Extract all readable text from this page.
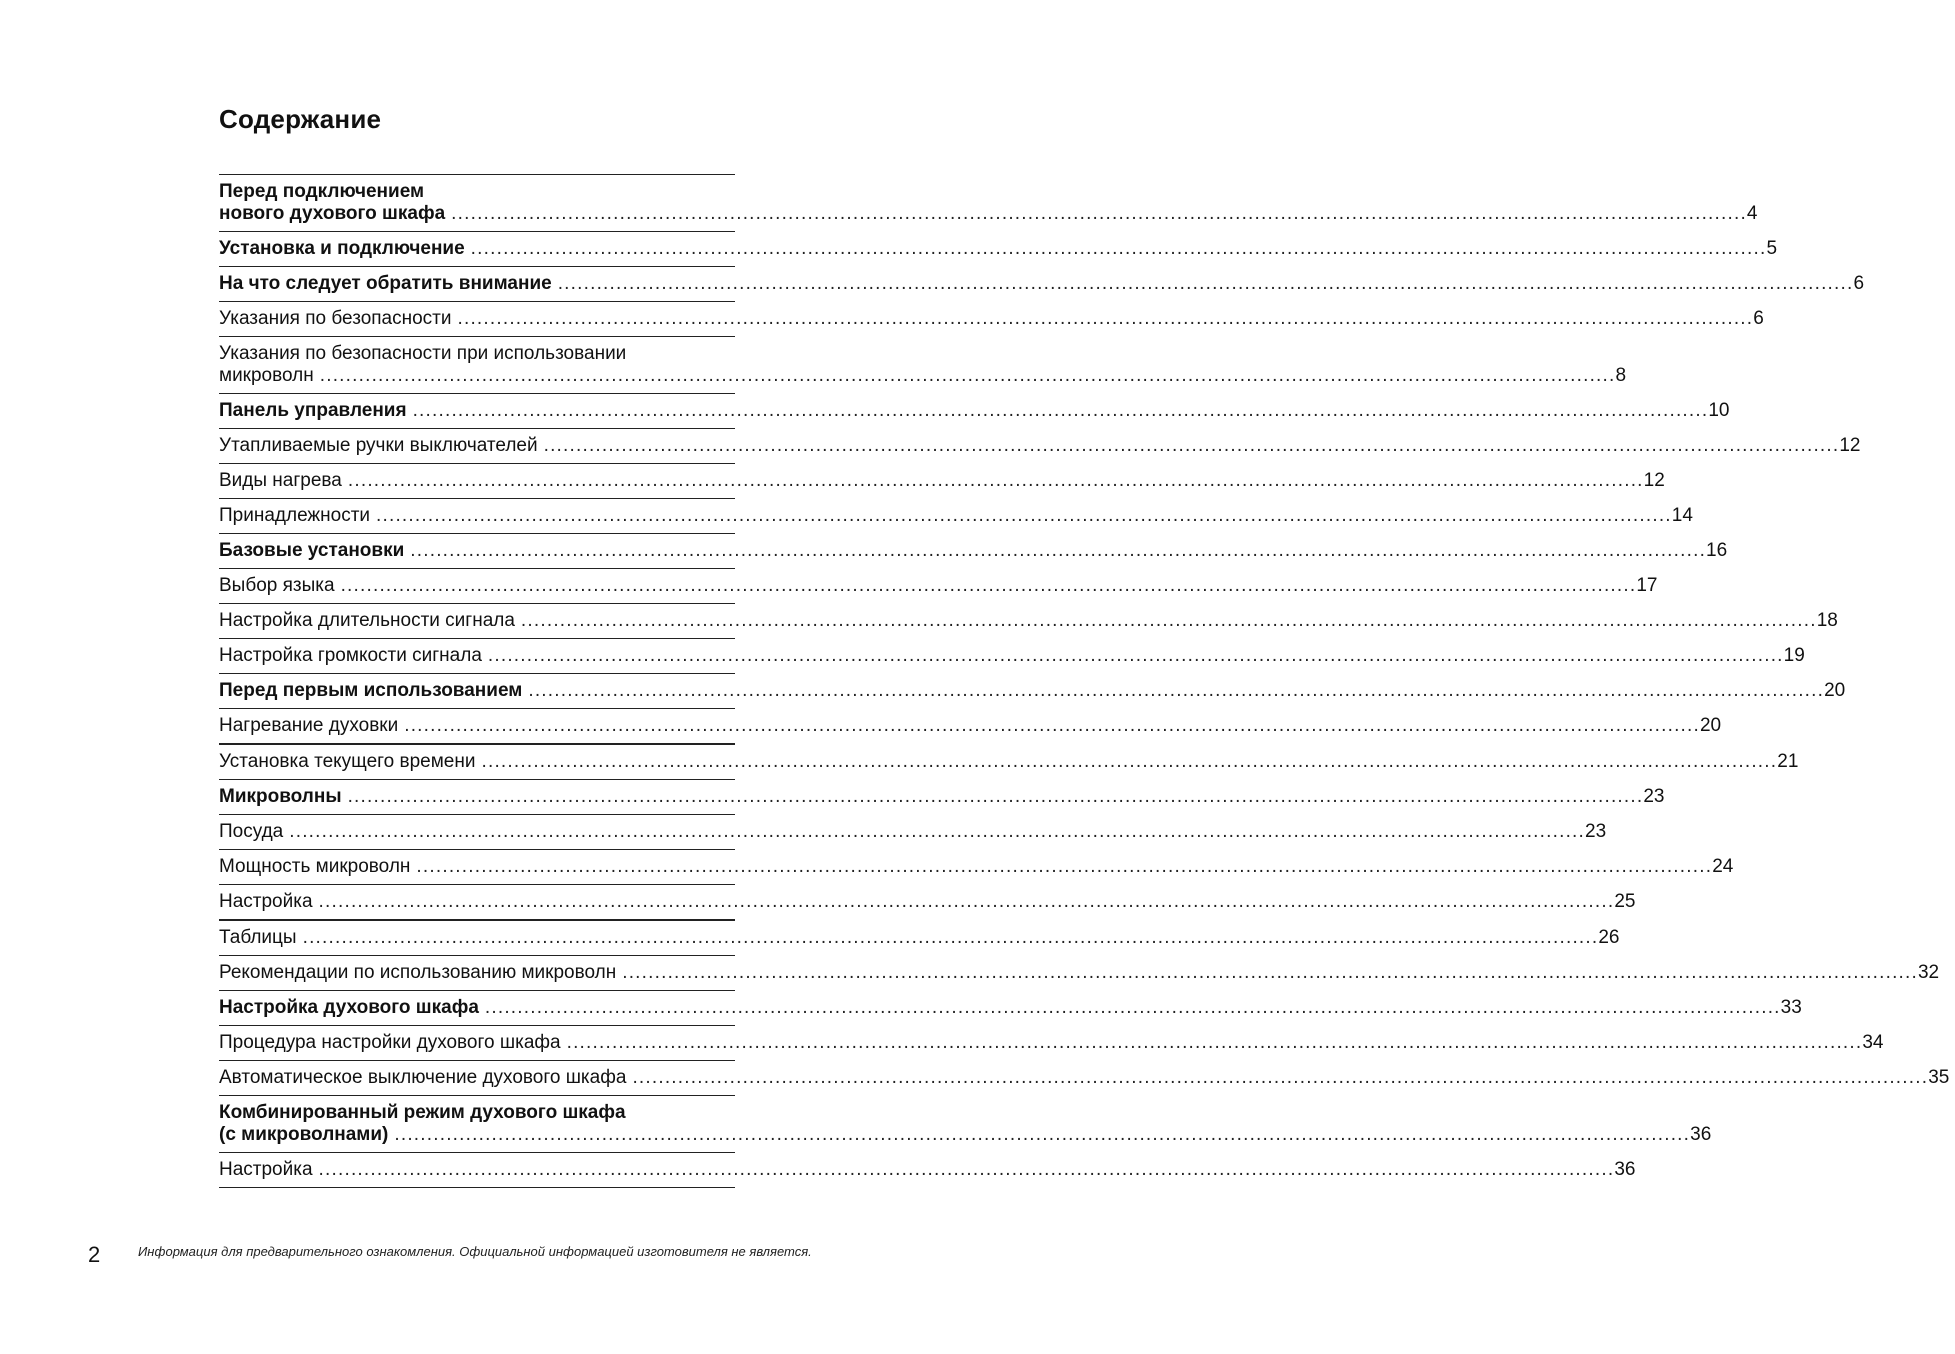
Содержание
Перед подключением
нового духового шкафа ........................................................................................................................................................................................................ 4
Установка и подключение ........................................................................................................................................................................................................ 5
На что следует обратить внимание ........................................................................................................................................................................................................ 6
Указания по безопасности ........................................................................................................................................................................................................ 6
Указания по безопасности при использовании
микроволн ........................................................................................................................................................................................................ 8
Панель управления ........................................................................................................................................................................................................ 10
Утапливаемые ручки выключателей ........................................................................................................................................................................................................ 12
Виды нагрева ........................................................................................................................................................................................................ 12
Принадлежности ........................................................................................................................................................................................................ 14
Базовые установки ........................................................................................................................................................................................................ 16
Выбор языка ........................................................................................................................................................................................................ 17
Настройка длительности сигнала ........................................................................................................................................................................................................ 18
Настройка громкости сигнала ........................................................................................................................................................................................................ 19
Перед первым использованием ........................................................................................................................................................................................................ 20
Нагревание духовки ........................................................................................................................................................................................................ 20
Установка текущего времени ........................................................................................................................................................................................................ 21
Микроволны ........................................................................................................................................................................................................ 23
Посуда ........................................................................................................................................................................................................ 23
Мощность микроволн ........................................................................................................................................................................................................ 24
Настройка ........................................................................................................................................................................................................ 25
Таблицы ........................................................................................................................................................................................................ 26
Рекомендации по использованию микроволн ........................................................................................................................................................................................................ 32
Настройка духового шкафа ........................................................................................................................................................................................................ 33
Процедура настройки духового шкафа ........................................................................................................................................................................................................ 34
Автоматическое выключение духового шкафа ........................................................................................................................................................................................................ 35
Комбинированный режим духового шкафа
(с микроволнами) ........................................................................................................................................................................................................ 36
Настройка ........................................................................................................................................................................................................ 36
2	Информация для предварительного ознакомления. Официальной информацией изготовителя не является.
